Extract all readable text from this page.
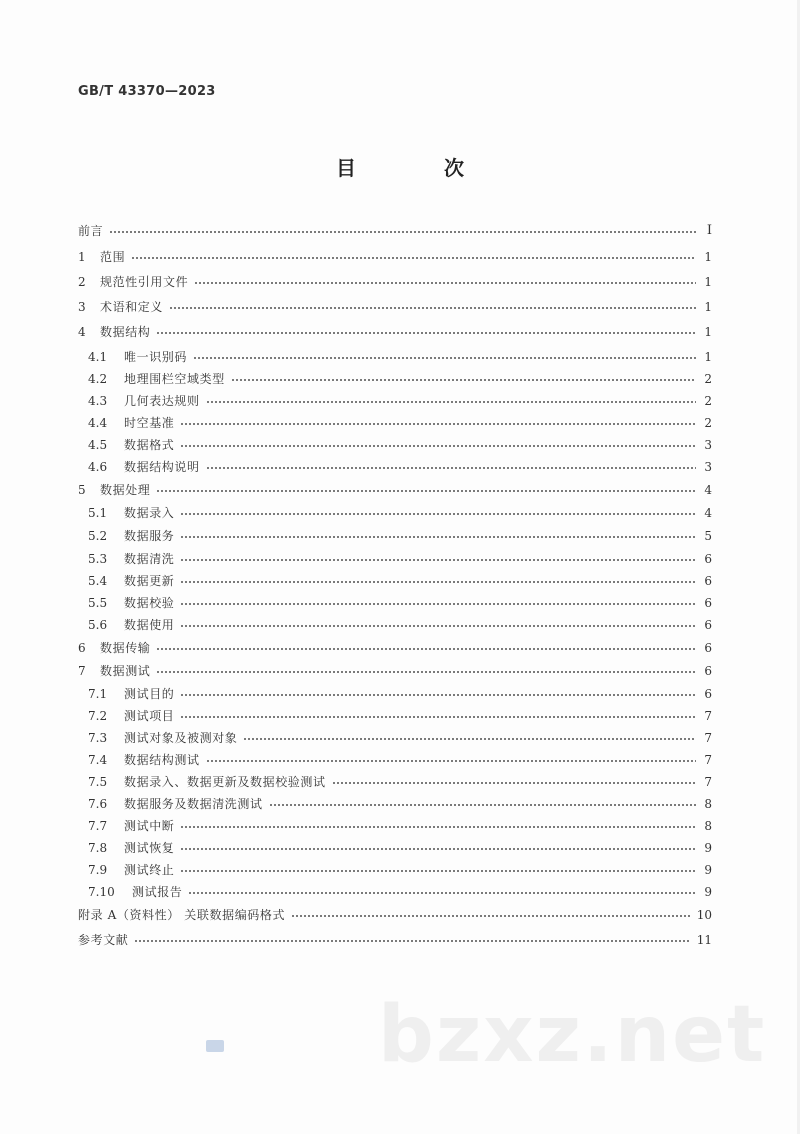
GB/T 43370—2023
目　次
前言	I
1	范围	1
2	规范性引用文件	1
3	术语和定义	1
4	数据结构	1
4.1	唯一识别码	1
4.2	地理围栏空域类型	2
4.3	几何表达规则	2
4.4	时空基准	2
4.5	数据格式	3
4.6	数据结构说明	3
5	数据处理	4
5.1	数据录入	4
5.2	数据服务	5
5.3	数据清洗	6
5.4	数据更新	6
5.5	数据校验	6
5.6	数据使用	6
6	数据传输	6
7	数据测试	6
7.1	测试目的	6
7.2	测试项目	7
7.3	测试对象及被测对象	7
7.4	数据结构测试	7
7.5	数据录入、数据更新及数据校验测试	7
7.6	数据服务及数据清洗测试	8
7.7	测试中断	8
7.8	测试恢复	9
7.9	测试终止	9
7.10	测试报告	9
附录 A（资料性） 关联数据编码格式	10
参考文献	11
bzxz.net
